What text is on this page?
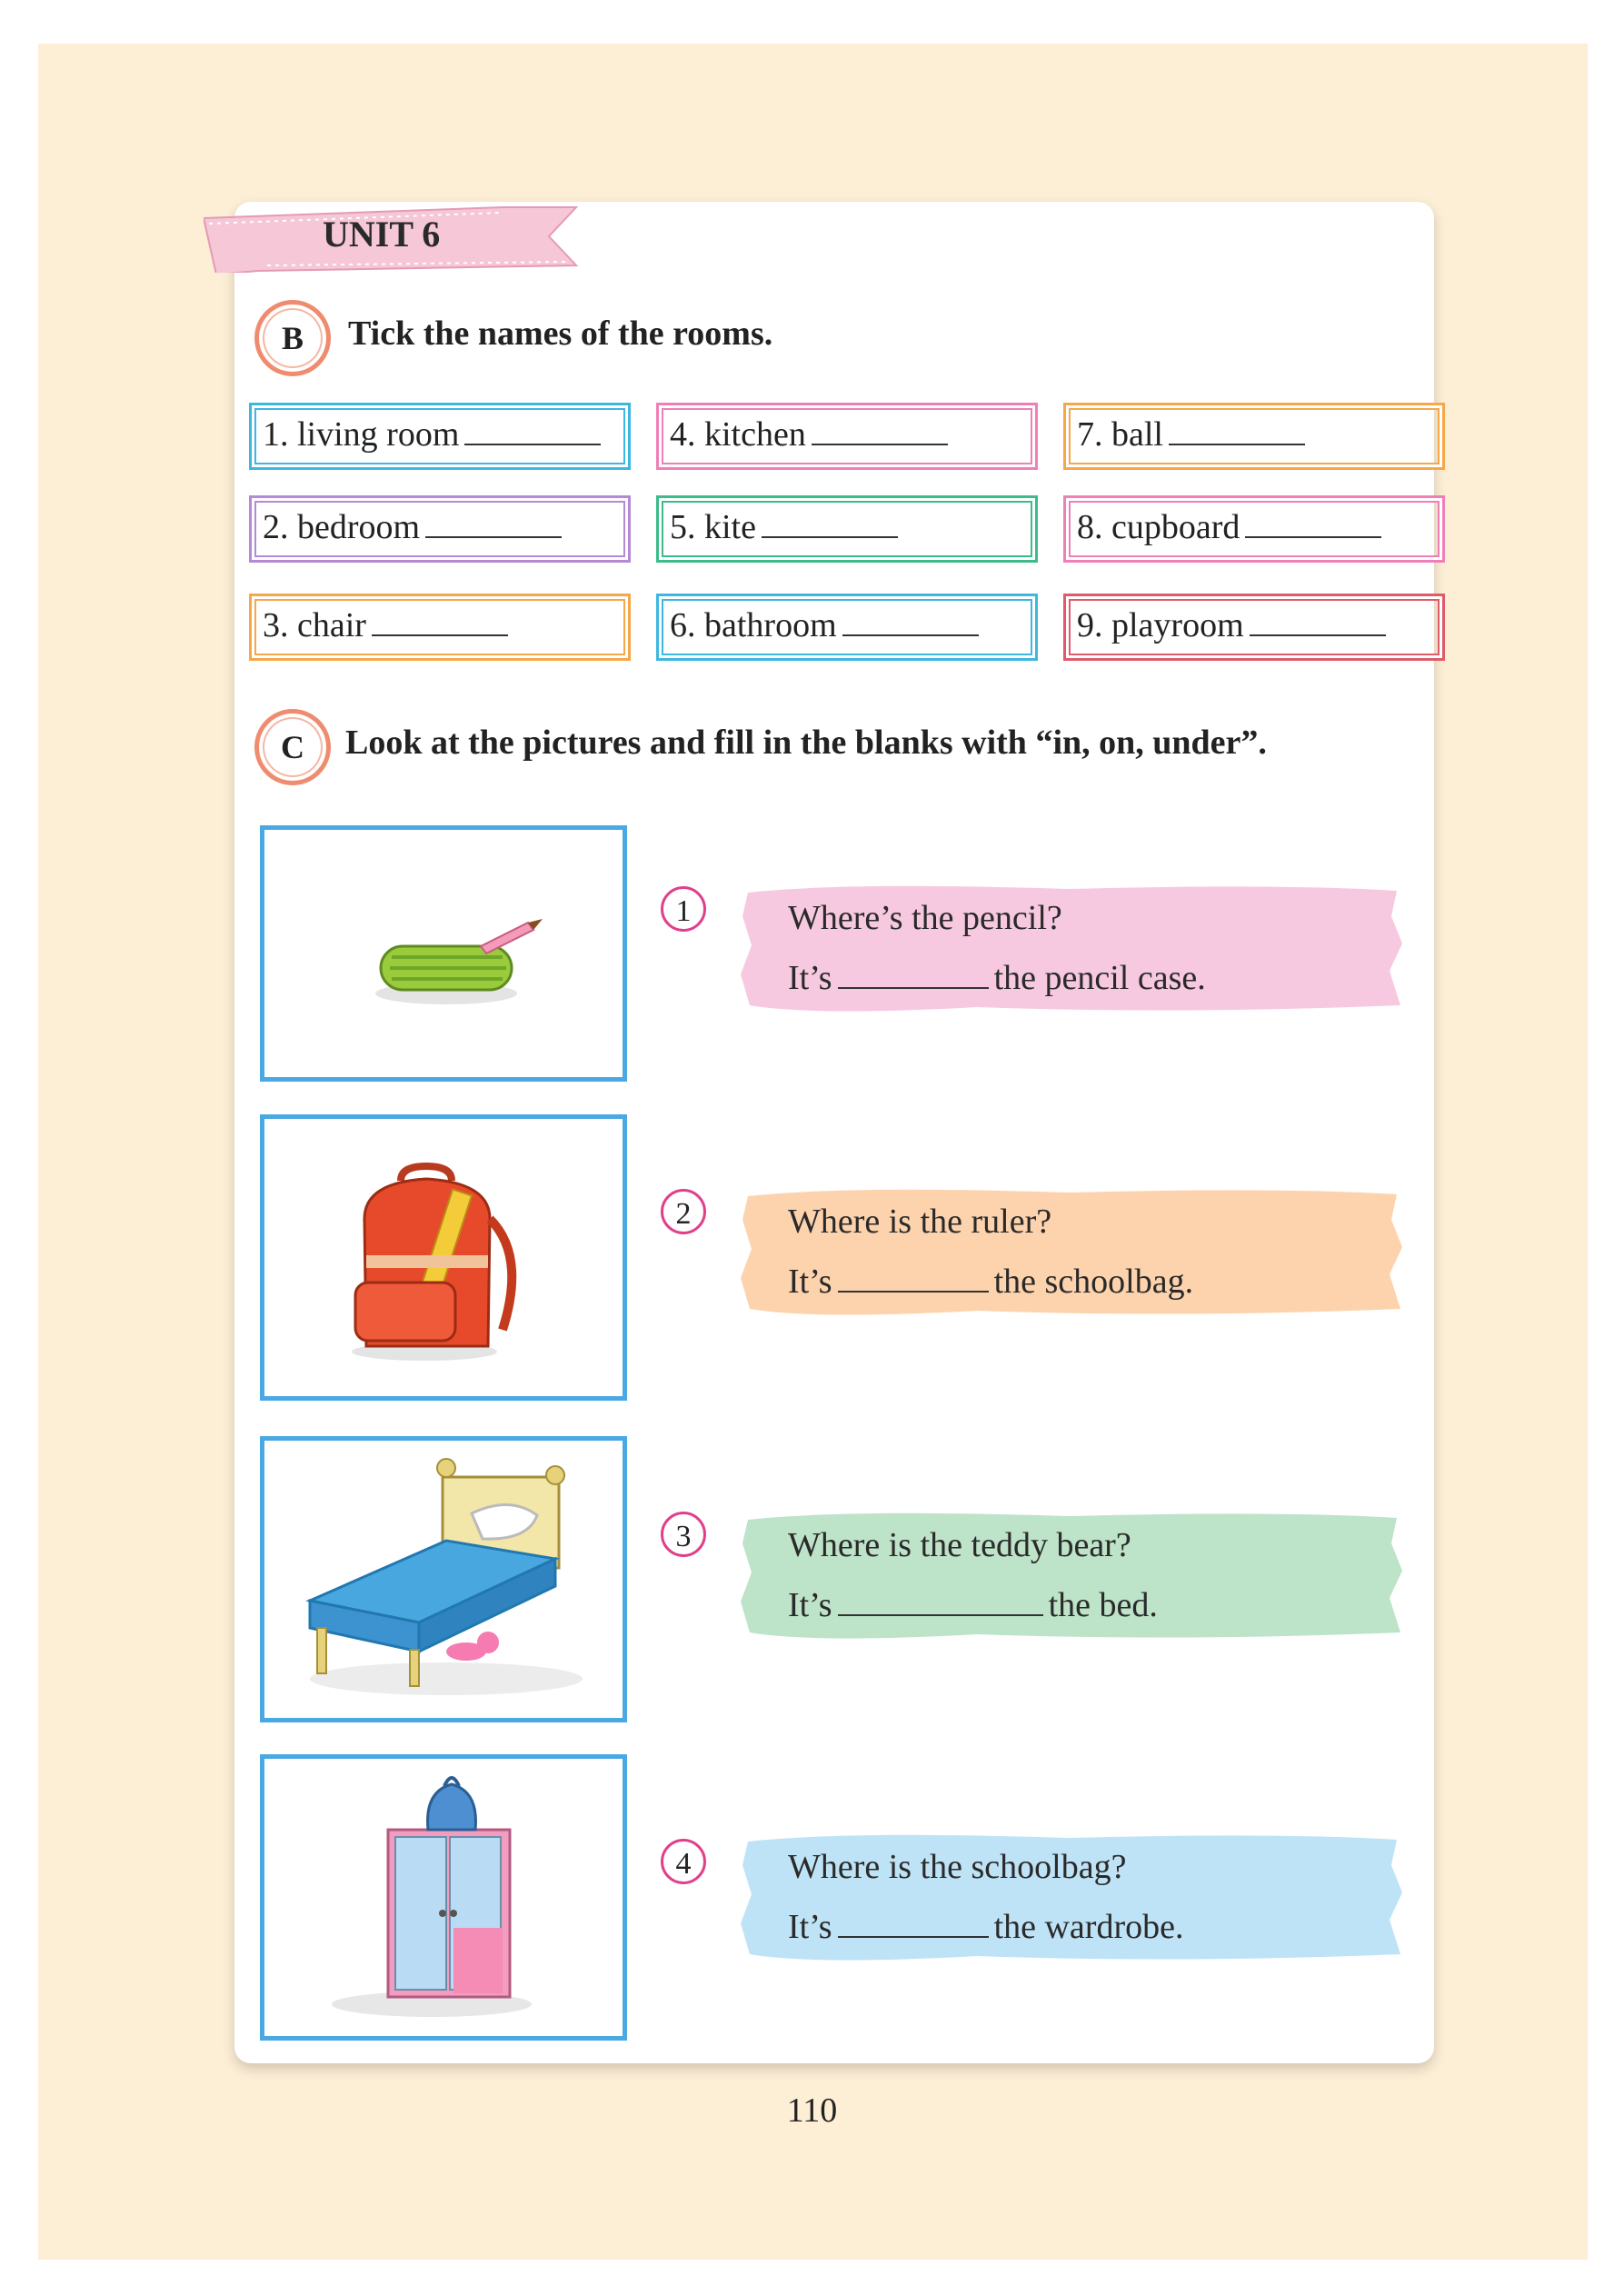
UNIT 6
B	Tick the names of the rooms.
1. living room
2. bedroom
3. chair
4. kitchen
5. kite
6. bathroom
7. ball
8. cupboard
9. playroom
C	Look at the pictures and fill in the blanks with “in, on, under”.
1	Where’s the pencil?
It’s	the pencil case.
2	Where is the ruler?
It’s	the schoolbag.
3	Where is the teddy bear?
It’s	the bed.
4	Where is the schoolbag?
It’s	the wardrobe.
110
